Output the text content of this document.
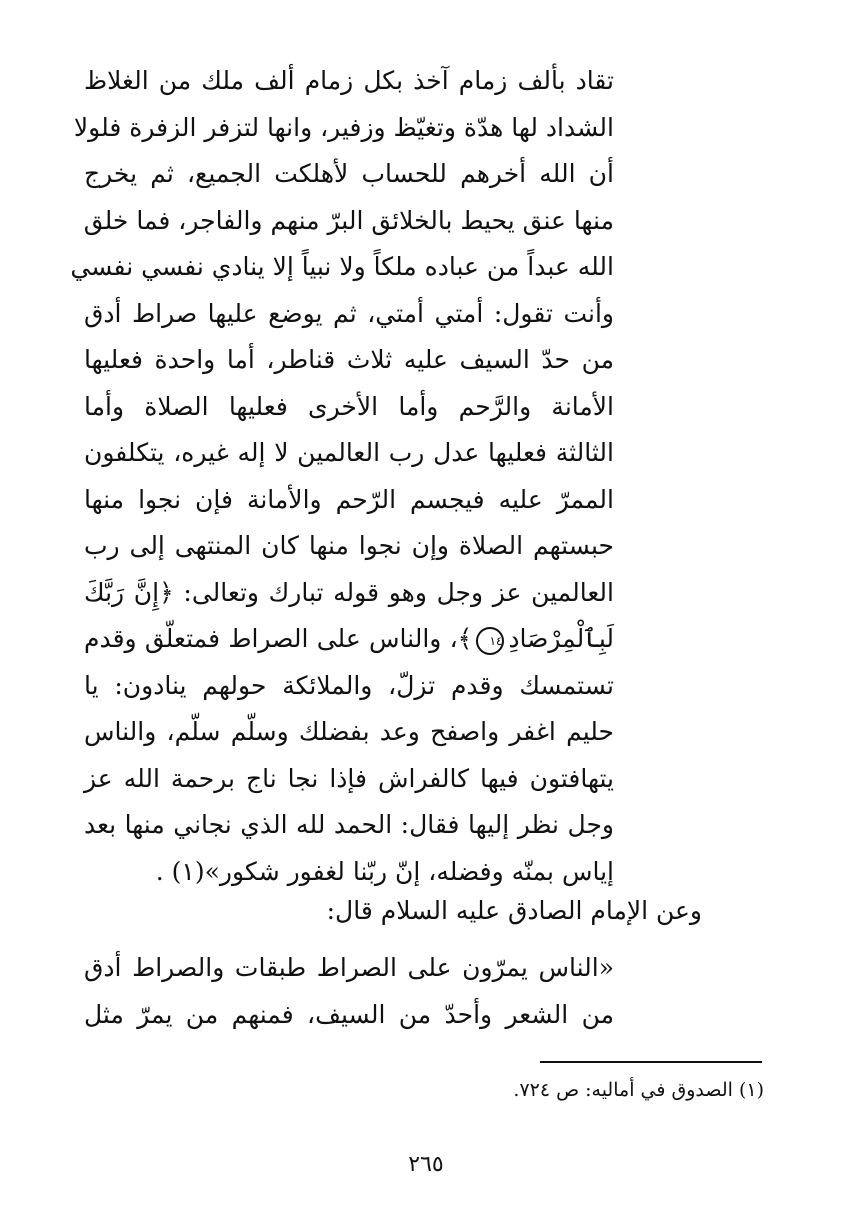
تقاد بألف زمام آخذ بكل زمام ألف ملك من الغلاظ
الشداد لها هدّة وتغيّظ وزفير، وانها لتزفر الزفرة فلولا
أن الله أخرهم للحساب لأهلكت الجميع، ثم يخرج
منها عنق يحيط بالخلائق البرّ منهم والفاجر، فما خلق
الله عبداً من عباده ملكاً ولا نبياً إلا ينادي نفسي نفسي
وأنت تقول: أمتي أمتي، ثم يوضع عليها صراط أدق
من حدّ السيف عليه ثلاث قناطر، أما واحدة فعليها
الأمانة والرَّحم وأما الأخرى فعليها الصلاة وأما
الثالثة فعليها عدل رب العالمين لا إله غيره، يتكلفون
الممرّ عليه فيجسم الرّحم والأمانة فإن نجوا منها
حبستهم الصلاة وإن نجوا منها كان المنتهى إلى رب
العالمين عز وجل وهو قوله تبارك وتعالى: ﴿إِنَّ رَبَّكَ
لَبِٱلْمِرْصَادِ١٤﴾، والناس على الصراط فمتعلّق وقدم
تستمسك وقدم تزلّ، والملائكة حولهم ينادون: يا
حليم اغفر واصفح وعد بفضلك وسلّم سلّم، والناس
يتهافتون فيها كالفراش فإذا نجا ناج برحمة الله عز
وجل نظر إليها فقال: الحمد لله الذي نجاني منها بعد
إياس بمنّه وفضله، إنّ ربّنا لغفور شكور»(١) .
وعن الإمام الصادق عليه السلام قال:
«الناس يمرّون على الصراط طبقات والصراط أدق
من الشعر وأحدّ من السيف، فمنهم من يمرّ مثل
(١) الصدوق في أماليه: ص ٧٢٤.
٢٦٥
